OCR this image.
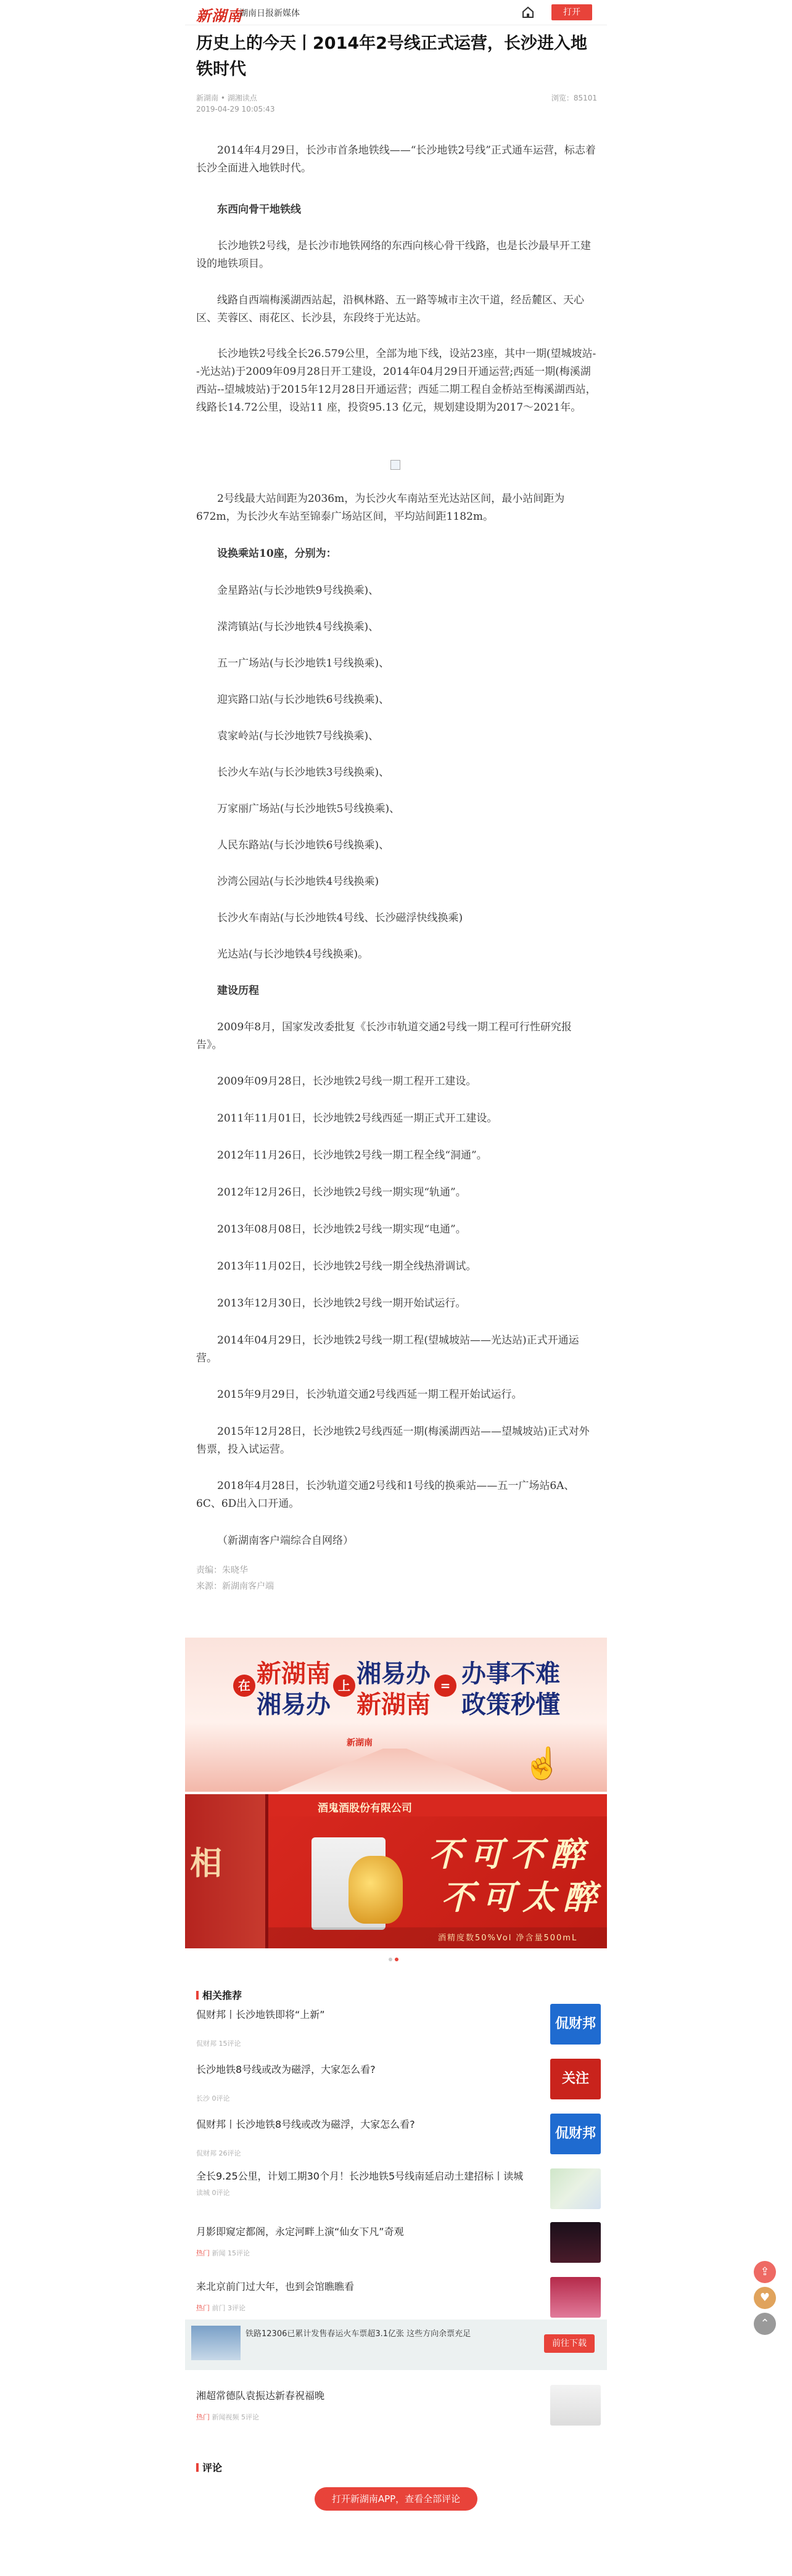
新湖南
湖南日报新媒体	打开
历史上的今天丨2014年2号线正式运营，长沙进入地铁时代
新湖南 • 湖湘读点
2019-04-29 10:05:43
浏览：85101
2014年4月29日，长沙市首条地铁线——“长沙地铁2号线”正式通车运营，标志着长沙全面进入地铁时代。
东西向骨干地铁线
长沙地铁2号线，是长沙市地铁网络的东西向核心骨干线路，也是长沙最早开工建设的地铁项目。
线路自西端梅溪湖西站起，沿枫林路、五一路等城市主次干道，经岳麓区、天心区、芙蓉区、雨花区、长沙县，东段终于光达站。
长沙地铁2号线全长26.579公里，全部为地下线，设站23座，其中一期(望城坡站--光达站)于2009年09月28日开工建设，2014年04月29日开通运营;西延一期(梅溪湖西站--望城坡站)于2015年12月28日开通运营；西延二期工程自金桥站至梅溪湖西站，线路长14.72公里，设站11 座，投资95.13 亿元，规划建设期为2017～2021年。
2号线最大站间距为2036m，为长沙火车南站至光达站区间，最小站间距为672m，为长沙火车站至锦泰广场站区间，平均站间距1182m。
设换乘站10座，分别为：
金星路站(与长沙地铁9号线换乘)、
溁湾镇站(与长沙地铁4号线换乘)、
五一广场站(与长沙地铁1号线换乘)、
迎宾路口站(与长沙地铁6号线换乘)、
袁家岭站(与长沙地铁7号线换乘)、
长沙火车站(与长沙地铁3号线换乘)、
万家丽广场站(与长沙地铁5号线换乘)、
人民东路站(与长沙地铁6号线换乘)、
沙湾公园站(与长沙地铁4号线换乘)
长沙火车南站(与长沙地铁4号线、长沙磁浮快线换乘)
光达站(与长沙地铁4号线换乘)。
建设历程
2009年8月，国家发改委批复《长沙市轨道交通2号线一期工程可行性研究报告》。
2009年09月28日，长沙地铁2号线一期工程开工建设。
2011年11月01日，长沙地铁2号线西延一期正式开工建设。
2012年11月26日，长沙地铁2号线一期工程全线“洞通”。
2012年12月26日，长沙地铁2号线一期实现“轨通”。
2013年08月08日，长沙地铁2号线一期实现“电通”。
2013年11月02日，长沙地铁2号线一期全线热滑调试。
2013年12月30日，长沙地铁2号线一期开始试运行。
2014年04月29日，长沙地铁2号线一期工程(望城坡站——光达站)正式开通运营。
2015年9月29日，长沙轨道交通2号线西延一期工程开始试运行。
2015年12月28日，长沙地铁2号线西延一期(梅溪湖西站——望城坡站)正式对外售票，投入试运营。
2018年4月28日，长沙轨道交通2号线和1号线的换乘站——五一广场站6A、6C、6D出入口开通。
（新湖南客户端综合自网络）
责编：朱晓华
来源：新湖南客户端
在 新湖南
湘易办
上 湘易办
新湖南
= 办事不难
政策秒懂
新湖南
☝
相
酒鬼酒股份有限公司
不可不醉
不可太醉
酒精度数50%Vol 净含量500mL
相关推荐
侃财邦丨长沙地铁即将“上新”
侃财邦 15评论
侃财邦
长沙地铁8号线或改为磁浮，大家怎么看?
长沙 0评论
关注
侃财邦丨长沙地铁8号线或改为磁浮，大家怎么看?
侃财邦 26评论
侃财邦
全长9.25公里，计划工期30个月！长沙地铁5号线南延启动土建招标丨读城
读城 0评论
月影即窥定都阁，永定河畔上演“仙女下凡”奇观
热门 新闻 15评论
来北京前门过大年，也到会馆瞧瞧看
热门 前门 3评论
湘超常德队袁振达新春祝福晚
热门 新闻视频 5评论
铁路12306已累计发售春运火车票超3.1亿张 这些方向余票充足
前往下载
评论
打开新湖南APP，查看全部评论
⇪
♥
⌃
